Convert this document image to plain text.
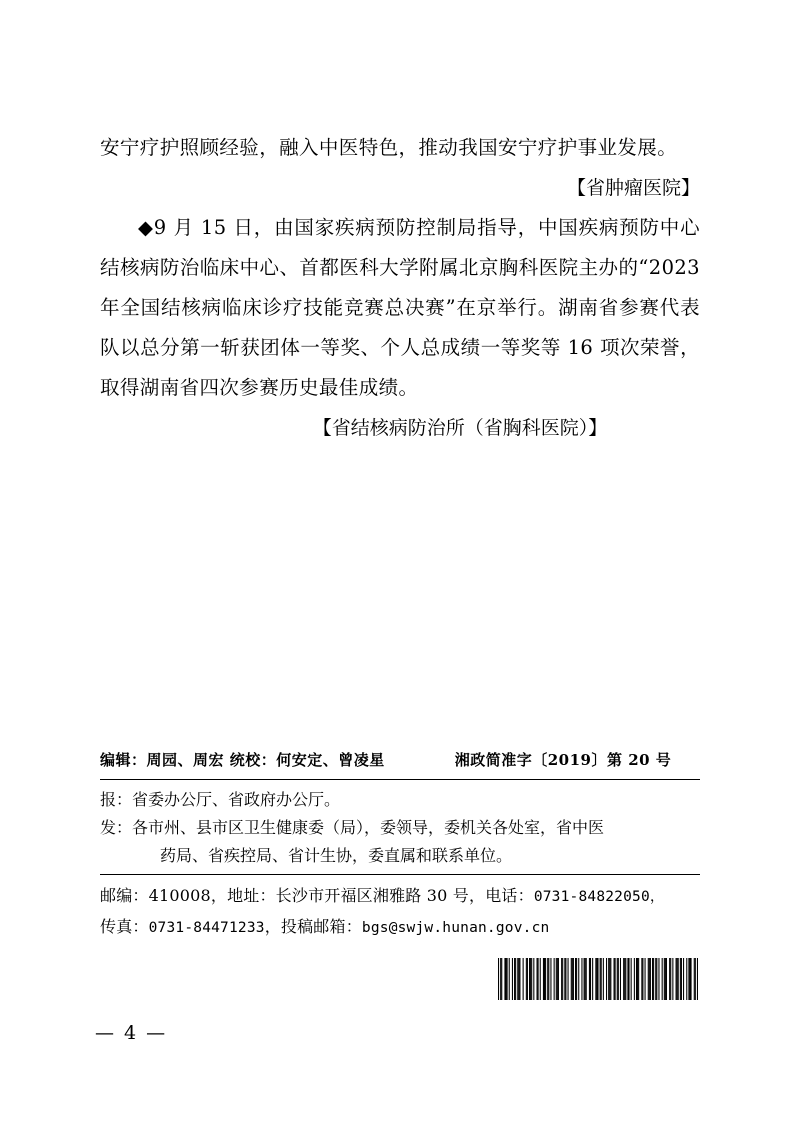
安宁疗护照顾经验，融入中医特色，推动我国安宁疗护事业发展。

【省肿瘤医院】

◆9 月 15 日，由国家疾病预防控制局指导，中国疾病预防中心结核病防治临床中心、首都医科大学附属北京胸科医院主办的“2023 年全国结核病临床诊疗技能竞赛总决赛”在京举行。湖南省参赛代表队以总分第一斩获团体一等奖、个人总成绩一等奖等 16 项次荣誉，取得湖南省四次参赛历史最佳成绩。

【省结核病防治所（省胸科医院）】

编辑：周园、周宏 统校：何安定、曾凌星	湘政简准字〔2019〕第 20 号
报： 省委办公厅、省政府办公厅。
发： 各市州、县市区卫生健康委（局），委领导，委机关各处室，省中医
药局、省疾控局、省计生协，委直属和联系单位。
邮编：410008，地址：长沙市开福区湘雅路 30 号，电话：0731-84822050，
传真：0731-84471233，投稿邮箱：bgs@swjw.hunan.gov.cn
— 4 —
